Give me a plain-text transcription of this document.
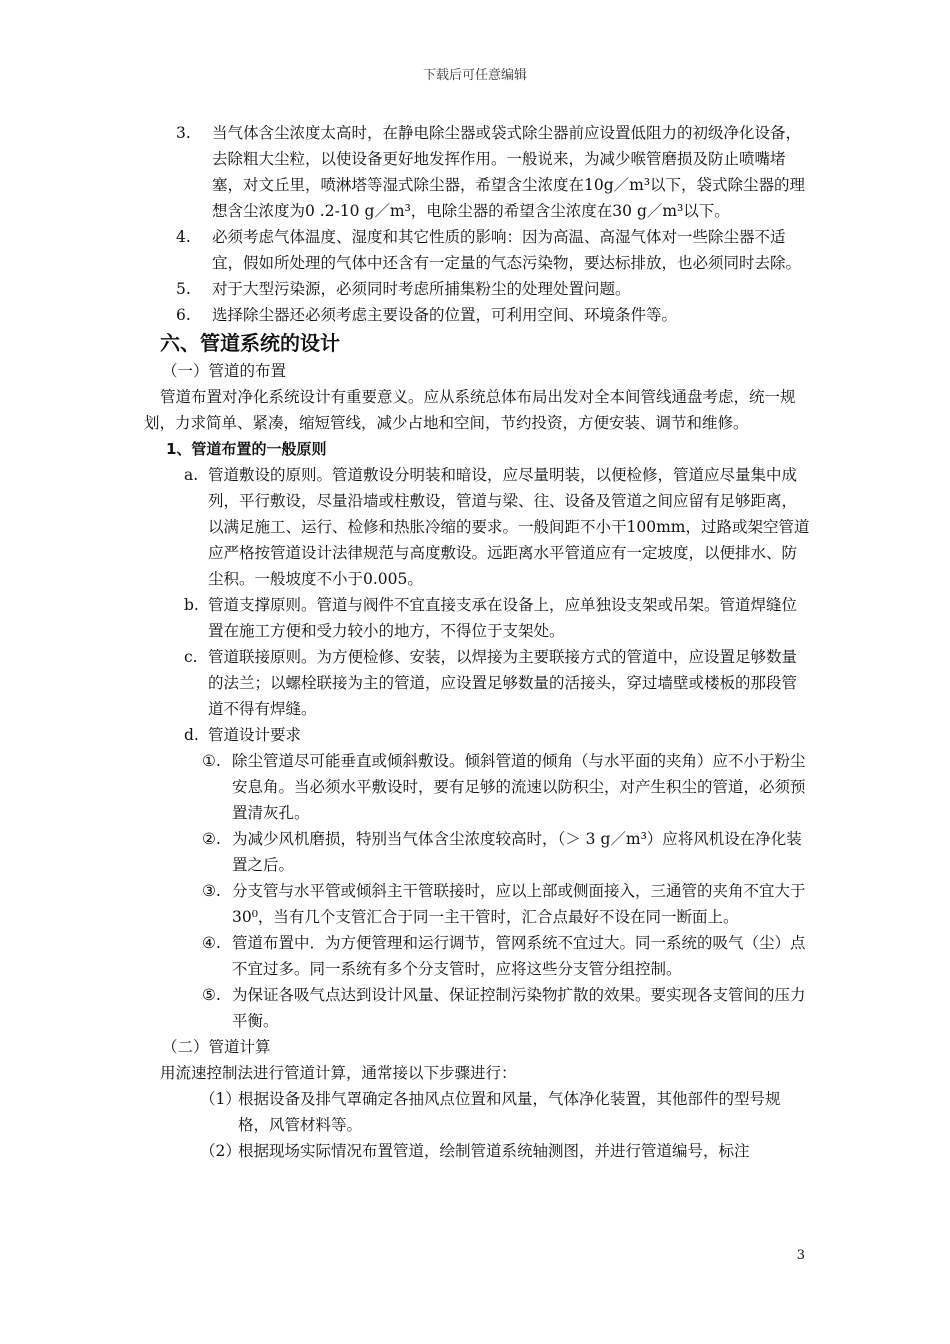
下载后可任意编辑
3. 当气体含尘浓度太高时，在静电除尘器或袋式除尘器前应设置低阻力的初级净化设备，去除粗大尘粒，以使设备更好地发挥作用。一般说来，为减少喉管磨损及防止喷嘴堵塞，对文丘里，喷淋塔等湿式除尘器，希望含尘浓度在10g／m³以下，袋式除尘器的理想含尘浓度为0 .2-10 g／m³，电除尘器的希望含尘浓度在30 g／m³以下。
4. 必须考虑气体温度、湿度和其它性质的影响：因为高温、高湿气体对一些除尘器不适宜，假如所处理的气体中还含有一定量的气态污染物，要达标排放，也必须同时去除。
5. 对于大型污染源，必须同时考虑所捕集粉尘的处理处置问题。
6. 选择除尘器还必须考虑主要设备的位置，可利用空间、环境条件等。
六、管道系统的设计
（一）管道的布置
管道布置对净化系统设计有重要意义。应从系统总体布局出发对全本间管线通盘考虑，统一规划，力求简单、紧凑，缩短管线，减少占地和空间，节约投资，方便安装、调节和维修。
1、管道布置的一般原则
a. 管道敷设的原则。管道敷设分明装和暗设，应尽量明装，以便检修，管道应尽量集中成列，平行敷设，尽量沿墙或柱敷设，管道与梁、往、设备及管道之间应留有足够距离，以满足施工、运行、检修和热胀冷缩的要求。一般间距不小干100mm，过路或架空管道应严格按管道设计法律规范与高度敷设。远距离水平管道应有一定坡度，以便排水、防尘积。一般坡度不小于0.005。
b. 管道支撑原则。管道与阀件不宜直接支承在设备上，应单独设支架或吊架。管道焊缝位置在施工方便和受力较小的地方，不得位于支架处。
c. 管道联接原则。为方便检修、安装，以焊接为主要联接方式的管道中，应设置足够数量的法兰；以螺栓联接为主的管道，应设置足够数量的活接头，穿过墙壁或楼板的那段管道不得有焊缝。
d. 管道设计要求
①. 除尘管道尽可能垂直或倾斜敷设。倾斜管道的倾角（与水平面的夹角）应不小于粉尘安息角。当必须水平敷设时，要有足够的流速以防积尘，对产生积尘的管道，必须预置清灰孔。
②. 为减少风机磨损，特别当气体含尘浓度较高时，（＞ 3 g／m³）应将风机设在净化装置之后。
③. 分支管与水平管或倾斜主干管联接时，应以上部或侧面接入，三通管的夹角不宜大于30⁰，当有几个支管汇合于同一主干管时，汇合点最好不设在同一断面上。
④. 管道布置中．为方便管理和运行调节，管网系统不宜过大。同一系统的吸气（尘）点不宜过多。同一系统有多个分支管时，应将这些分支管分组控制。
⑤. 为保证各吸气点达到设计风量、保证控制污染物扩散的效果。要实现各支管间的压力平衡。
（二）管道计算
用流速控制法进行管道计算，通常接以下步骤进行：
（1）
根据设备及排气罩确定各抽风点位置和风量，气体净化装置，其他部件的型号规格，风管材料等。
（2）
根据现场实际情况布置管道，绘制管道系统轴测图，并进行管道编号，标注
3
